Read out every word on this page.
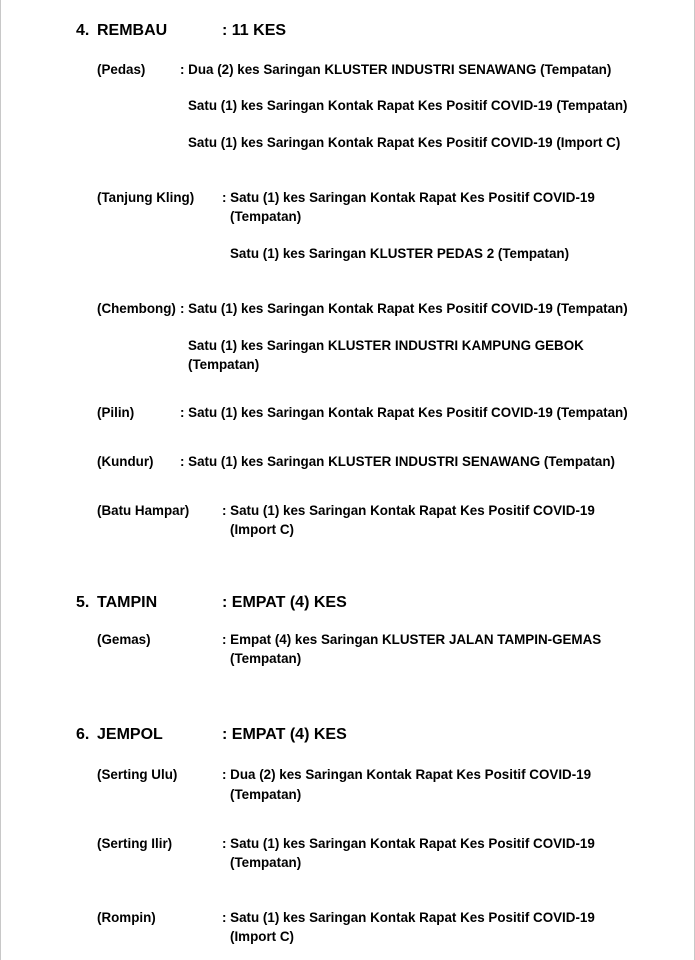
4. REMBAU	: 11 KES
(Pedas)	: Dua (2) kes Saringan KLUSTER INDUSTRI SENAWANG (Tempatan)
Satu (1) kes Saringan Kontak Rapat Kes Positif COVID-19 (Tempatan)
Satu (1) kes Saringan Kontak Rapat Kes Positif COVID-19 (Import C)
(Tanjung Kling) : Satu (1) kes Saringan Kontak Rapat Kes Positif COVID-19
(Tempatan)
Satu (1) kes Saringan KLUSTER PEDAS 2 (Tempatan)
(Chembong) : Satu (1) kes Saringan Kontak Rapat Kes Positif COVID-19 (Tempatan)
Satu (1) kes Saringan KLUSTER INDUSTRI KAMPUNG GEBOK
(Tempatan)
(Pilin)	: Satu (1) kes Saringan Kontak Rapat Kes Positif COVID-19 (Tempatan)
(Kundur) : Satu (1) kes Saringan KLUSTER INDUSTRI SENAWANG (Tempatan)
(Batu Hampar) : Satu (1) kes Saringan Kontak Rapat Kes Positif COVID-19
(Import C)
5. TAMPIN	: EMPAT (4) KES
(Gemas)	: Empat (4) kes Saringan KLUSTER JALAN TAMPIN-GEMAS
(Tempatan)
6. JEMPOL	: EMPAT (4) KES
(Serting Ulu)	: Dua (2) kes Saringan Kontak Rapat Kes Positif COVID-19
(Tempatan)
(Serting Ilir)	: Satu (1) kes Saringan Kontak Rapat Kes Positif COVID-19
(Tempatan)
(Rompin)	: Satu (1) kes Saringan Kontak Rapat Kes Positif COVID-19
(Import C)
